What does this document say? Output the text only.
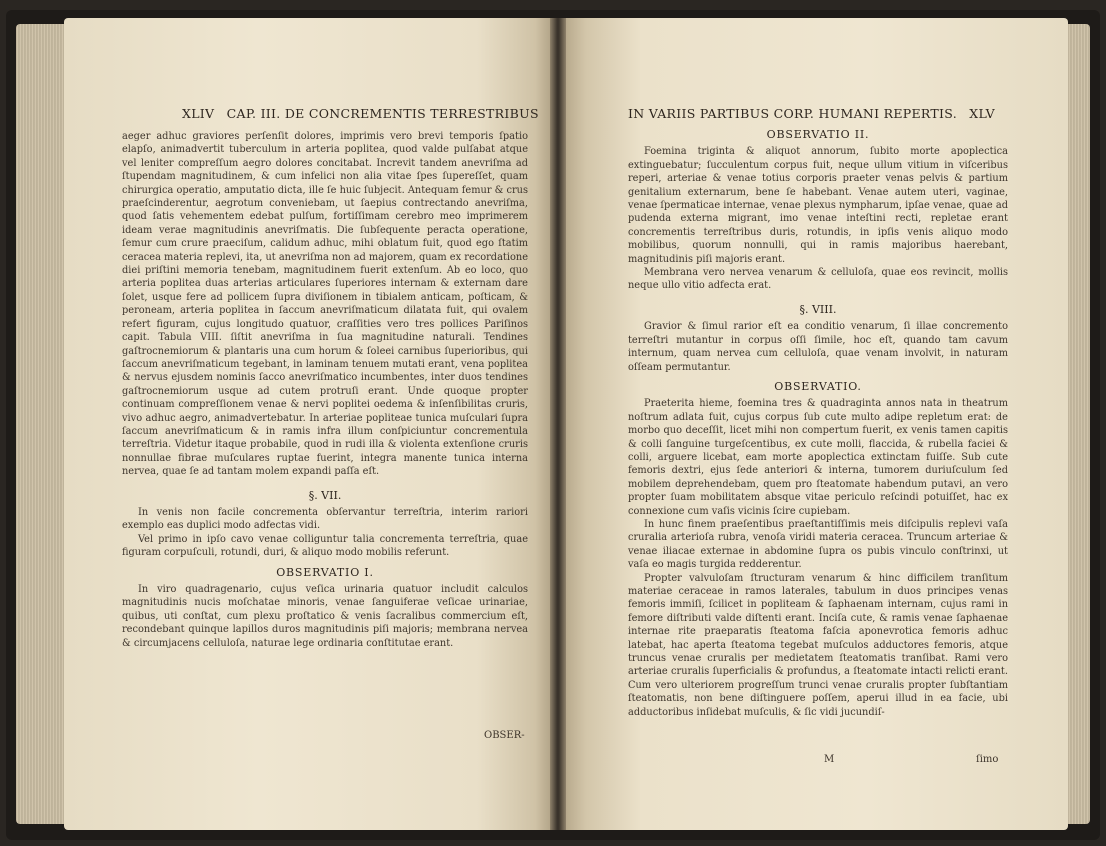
XLIV CAP. III. DE CONCREMENTIS TERRESTRIBUS

aeger adhuc graviores perſenſit dolores, imprimis vero brevi temporis ſpatio elapſo, animadvertit tuberculum in arteria poplitea, quod valde pulſabat atque vel leniter compreſſum aegro dolores concitabat. Increvit tandem anevriſma ad ſtupendam magnitudinem, & cum infelici non alia vitae ſpes ſupereſſet, quam chirurgica operatio, amputatio dicta, ille ſe huic ſubjecit. Antequam femur & crus praeſcinderentur, aegrotum conveniebam, ut ſaepius contrectando anevriſma, quod ſatis vehementem edebat pulſum, fortiſſimam cerebro meo imprimerem ideam verae magnitudinis anevriſmatis. Die ſubſequente peracta operatione, ſemur cum crure praeciſum, calidum adhuc, mihi oblatum fuit, quod ego ſtatim ceracea materia replevi, ita, ut anevriſma non ad majorem, quam ex recordatione diei priſtini memoria tenebam, magnitudinem fuerit extenſum. Ab eo loco, quo arteria poplitea duas arterias articulares ſuperiores internam & externam dare ſolet, usque fere ad pollicem ſupra diviſionem in tibialem anticam, poſticam, & peroneam, arteria poplitea in ſaccum anevriſmaticum dilatata fuit, qui ovalem refert figuram, cujus longitudo quatuor, craſſities vero tres pollices Pariſinos capit. Tabula VIII. ſiſtit anevriſma in ſua magnitudine naturali. Tendines gaſtrocnemiorum & plantaris una cum horum & ſoleei carnibus ſuperioribus, qui ſaccum anevriſmaticum tegebant, in laminam tenuem mutati erant, vena poplitea & nervus ejusdem nominis ſacco anevriſmatico incumbentes, inter duos tendines gaſtrocnemiorum usque ad cutem protruſi erant. Unde quoque propter continuam compreſſionem venae & nervi poplitei oedema & inſenſibilitas cruris, vivo adhuc aegro, animadvertebatur. In arteriae popliteae tunica muſculari ſupra ſaccum anevriſmaticum & in ramis infra illum conſpiciuntur concrementula terreſtria. Videtur itaque probabile, quod in rudi illa & violenta extenſione cruris nonnullae fibrae muſculares ruptae fuerint, integra manente tunica interna nervea, quae ſe ad tantam molem expandi paſſa eſt.

§. VII.

In venis non facile concrementa obſervantur terreſtria, interim rariori exemplo eas duplici modo adfectas vidi.

Vel primo in ipſo cavo venae colliguntur talia concrementa terreſtria, quae figuram corpuſculi, rotundi, duri, & aliquo modo mobilis referunt.

OBSERVATIO I.

In viro quadragenario, cujus veſica urinaria quatuor includit calculos magnitudinis nucis moſchatae minoris, venae ſanguiferae veſicae urinariae, quibus, uti conſtat, cum plexu proſtatico & venis ſacralibus commercium eſt, recondebant quinque lapillos duros magnitudinis piſi majoris; membrana nervea & circumjacens celluloſa, naturae lege ordinaria conſtitutae erant.

OBSER-
IN VARIIS PARTIBUS CORP. HUMANI REPERTIS. XLV
OBSERVATIO II.

Foemina triginta & aliquot annorum, ſubito morte apoplectica extinguebatur; ſucculentum corpus fuit, neque ullum vitium in viſceribus reperi, arteriae & venae totius corporis praeter venas pelvis & partium genitalium externarum, bene ſe habebant. Venae autem uteri, vaginae, venae ſpermaticae internae, venae plexus nympharum, ipſae venae, quae ad pudenda externa migrant, imo venae inteſtini recti, repletae erant concrementis terreſtribus duris, rotundis, in ipſis venis aliquo modo mobilibus, quorum nonnulli, qui in ramis majoribus haerebant, magnitudinis piſi majoris erant.

Membrana vero nervea venarum & celluloſa, quae eos revincit, mollis neque ullo vitio adfecta erat.

§. VIII.

Gravior & ſimul rarior eſt ea conditio venarum, ſi illae concremento terreſtri mutantur in corpus oſſi ſimile, hoc eſt, quando tam cavum internum, quam nervea cum celluloſa, quae venam involvit, in naturam oſſeam permutantur.

OBSERVATIO.

Praeterita hieme, foemina tres & quadraginta annos nata in theatrum noſtrum adlata fuit, cujus corpus ſub cute multo adipe repletum erat: de morbo quo deceſſit, licet mihi non compertum fuerit, ex venis tamen capitis & colli ſanguine turgeſcentibus, ex cute molli, flaccida, & rubella faciei & colli, arguere licebat, eam morte apoplectica extinctam fuiſſe. Sub cute femoris dextri, ejus ſede anteriori & interna, tumorem duriuſculum ſed mobilem deprehendebam, quem pro ſteatomate habendum putavi, an vero propter ſuam mobilitatem absque vitae periculo reſcindi potuiſſet, hac ex connexione cum vaſis vicinis ſcire cupiebam.

In hunc finem praeſentibus praeſtantiſſimis meis diſcipulis replevi vaſa cruralia arterioſa rubra, venoſa viridi materia ceracea. Truncum arteriae & venae iliacae externae in abdomine ſupra os pubis vinculo conſtrinxi, ut vaſa eo magis turgida redderentur.

Propter valvuloſam ſtructuram venarum & hinc difficilem tranſitum materiae ceraceae in ramos laterales, tabulum in duos principes venas femoris immiſi, ſcilicet in popliteam & ſaphaenam internam, cujus rami in femore diſtributi valde diſtenti erant. Inciſa cute, & ramis venae ſaphaenae internae rite praeparatis ſteatoma faſcia aponevrotica femoris adhuc latebat, hac aperta ſteatoma tegebat muſculos adductores femoris, atque truncus venae cruralis per medietatem ſteatomatis tranſibat. Rami vero arteriae cruralis ſuperficialis & profundus, a ſteatomate intacti relicti erant. Cum vero ulteriorem progreſſum trunci venae cruralis propter ſubſtantiam ſteatomatis, non bene diſtinguere poſſem, aperui illud in ea facie, ubi adductoribus inſidebat muſculis, & ſic vidi jucundiſ-

M	ſimo
